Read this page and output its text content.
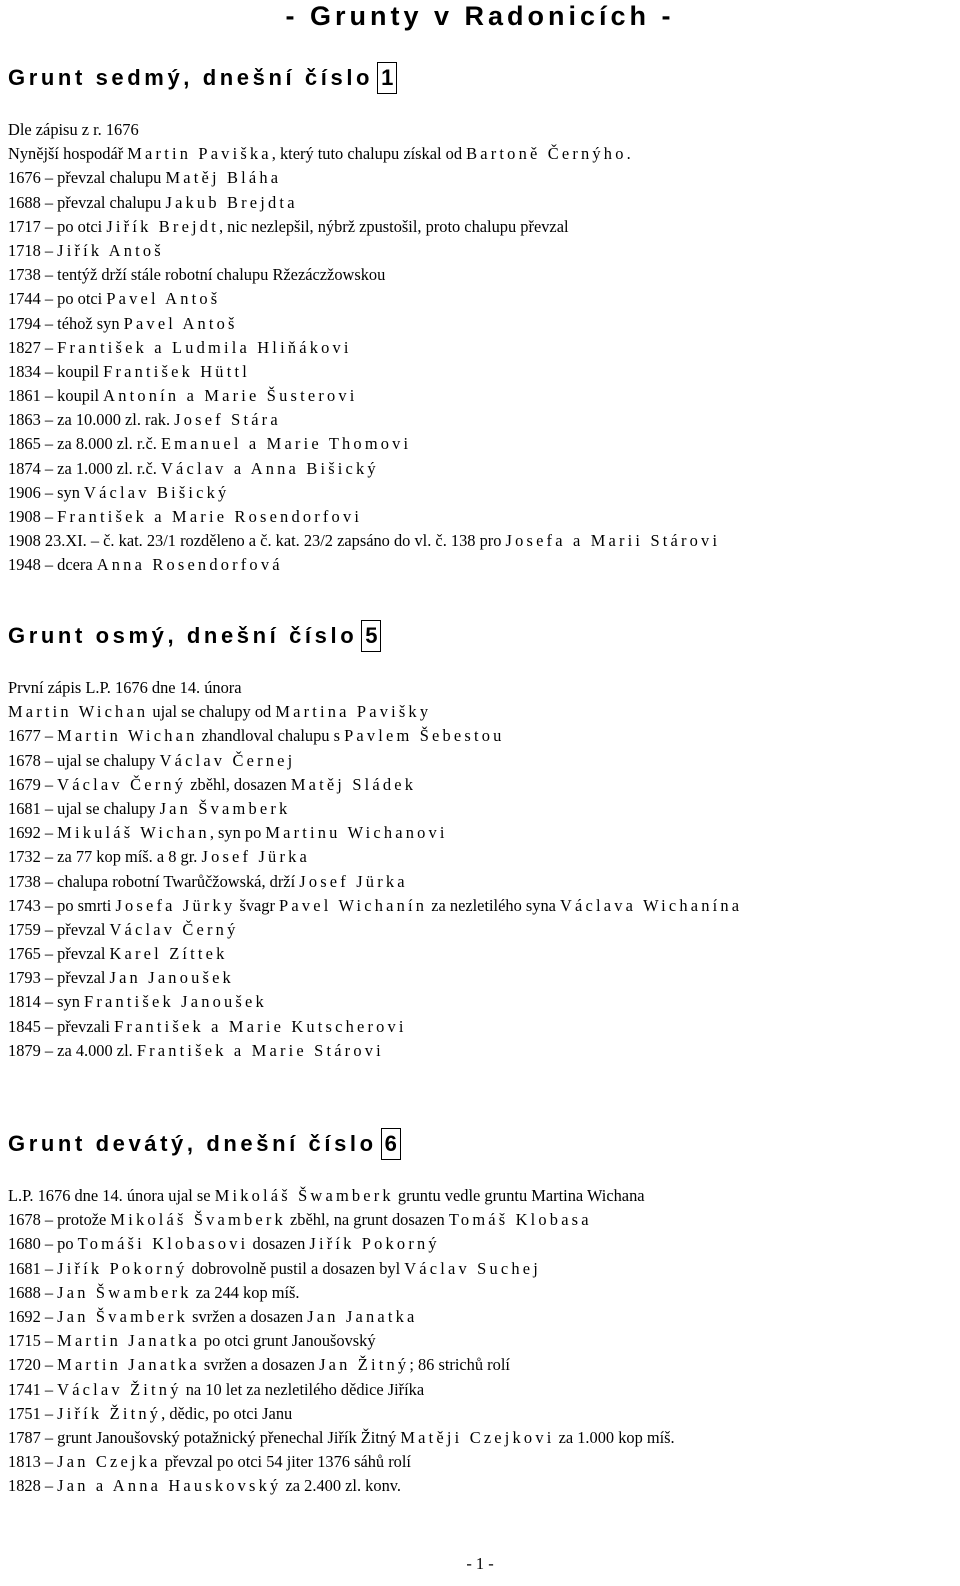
- Grunty v Radonicích -
Grunt sedmý, dnešní číslo 1
Dle zápisu z r. 1676
Nynější hospodář Martin Paviška, který tuto chalupu získal od Bartoně Černýho.
1676 – převzal chalupu Matěj Bláha
1688 – převzal chalupu Jakub Brejdta
1717 – po otci Jiřík Brejdt, nic nezlepšil, nýbrž zpustošil, proto chalupu převzal
1718 – Jiřík Antoš
1738 – tentýž drží stále robotní chalupu Ržezáczžowskou
1744 – po otci Pavel Antoš
1794 – téhož syn Pavel Antoš
1827 – František a Ludmila Hliňákovi
1834 – koupil František Hüttl
1861 – koupil Antonín a Marie Šusterovi
1863 – za 10.000 zl. rak. Josef Stára
1865 – za 8.000 zl. r.č. Emanuel a Marie Thomovi
1874 – za 1.000 zl. r.č. Václav a Anna Bišický
1906 – syn Václav Bišický
1908 – František a Marie Rosendorfovi
1908 23.XI. – č. kat. 23/1 rozděleno a č. kat. 23/2 zapsáno do vl. č. 138 pro Josefa a Marii Stárovi
1948 – dcera Anna Rosendorfová
Grunt osmý, dnešní číslo 5
První zápis L.P. 1676 dne 14. února
Martin Wichan ujal se chalupy od Martina Pavišky
1677 – Martin Wichan zhandloval chalupu s Pavlem Šebestou
1678 – ujal se chalupy Václav Černej
1679 – Václav Černý zběhl, dosazen Matěj Sládek
1681 – ujal se chalupy Jan Švamberk
1692 – Mikuláš Wichan, syn po Martinu Wichanovi
1732 – za 77 kop míš. a 8 gr. Josef Jürka
1738 – chalupa robotní Twarůčžowská, drží Josef Jürka
1743 – po smrti Josefa Jürky švagr Pavel Wichanín za nezletilého syna Václava Wichanína
1759 – převzal Václav Černý
1765 – převzal Karel Zíttek
1793 – převzal Jan Janoušek
1814 – syn František Janoušek
1845 – převzali František a Marie Kutscherovi
1879 – za 4.000 zl. František a Marie Stárovi
Grunt devátý, dnešní číslo 6
L.P. 1676 dne 14. února ujal se Mikoláš Šwamberk gruntu vedle gruntu Martina Wichana
1678 – protože Mikoláš Švamberk zběhl, na grunt dosazen Tomáš Klobasa
1680 – po Tomáši Klobasovi dosazen Jiřík Pokorný
1681 – Jiřík Pokorný dobrovolně pustil a dosazen byl Václav Suchej
1688 – Jan Šwamberk za 244 kop míš.
1692 – Jan Švamberk svržen a dosazen Jan Janatka
1715 – Martin Janatka po otci grunt Janoušovský
1720 – Martin Janatka svržen a dosazen Jan Žitný; 86 strichů rolí
1741 – Václav Žitný na 10 let za nezletilého dědice Jiříka
1751 – Jiřík Žitný, dědic, po otci Janu
1787 – grunt Janoušovský potažnický přenechal Jiřík Žitný Matěji Czejkovi za 1.000 kop míš.
1813 – Jan Czejka převzal po otci 54 jiter 1376 sáhů rolí
1828 – Jan a Anna Hauskovský za 2.400 zl. konv.
- 1 -
